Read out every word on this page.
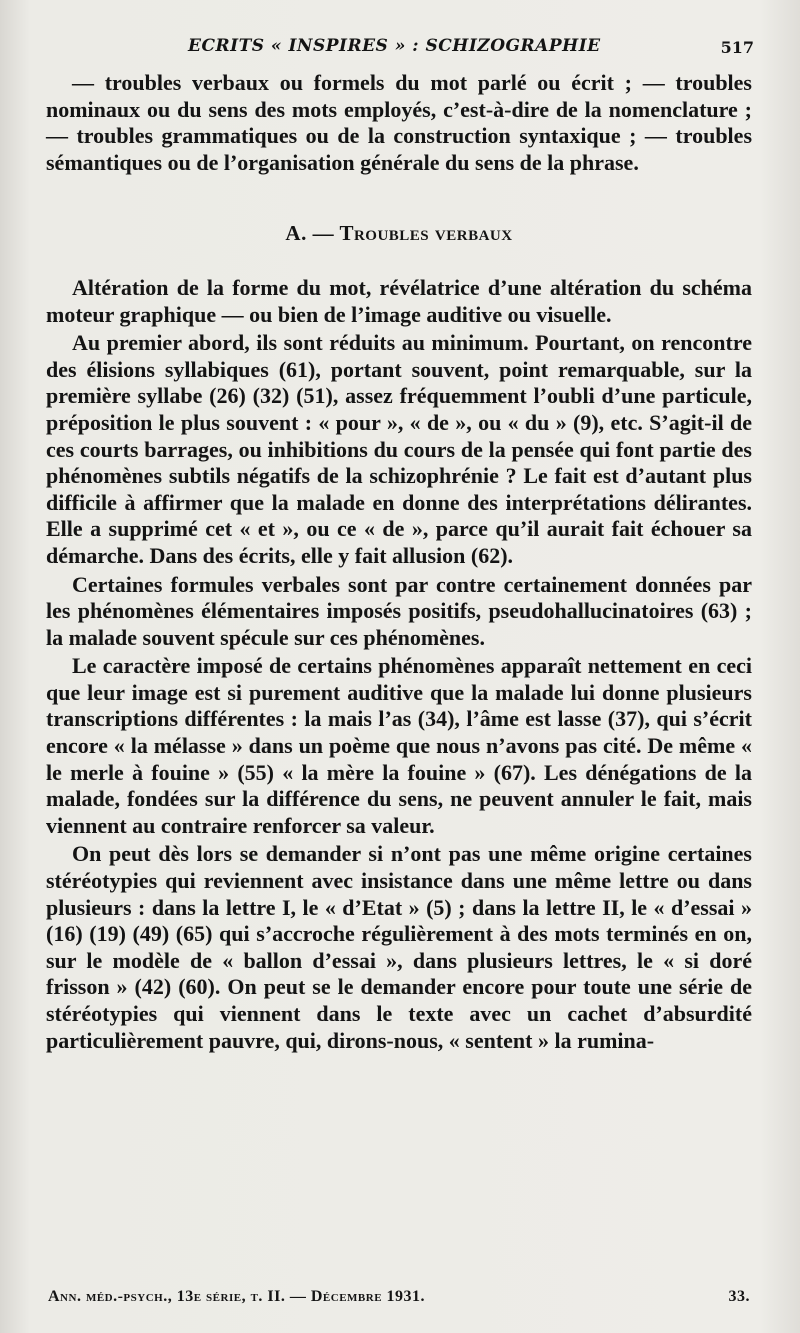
ECRITS « INSPIRES » : SCHIZOGRAPHIE	517

— troubles verbaux ou formels du mot parlé ou écrit ; — troubles nominaux ou du sens des mots employés, c’est-à-dire de la nomenclature ; — troubles grammatiques ou de la construction syntaxique ; — troubles sémantiques ou de l’organisation générale du sens de la phrase.

A. — Troubles verbaux

Altération de la forme du mot, révélatrice d’une altération du schéma moteur graphique — ou bien de l’image auditive ou visuelle.

Au premier abord, ils sont réduits au minimum. Pourtant, on rencontre des élisions syllabiques (61), portant souvent, point remarquable, sur la première syllabe (26) (32) (51), assez fréquemment l’oubli d’une particule, préposition le plus souvent : « pour », « de », ou « du » (9), etc. S’agit-il de ces courts barrages, ou inhibitions du cours de la pensée qui font partie des phénomènes subtils négatifs de la schizophrénie ? Le fait est d’autant plus difficile à affirmer que la malade en donne des interprétations délirantes. Elle a supprimé cet « et », ou ce « de », parce qu’il aurait fait échouer sa démarche. Dans des écrits, elle y fait allusion (62).

Certaines formules verbales sont par contre certainement données par les phénomènes élémentaires imposés positifs, pseudohallucinatoires (63) ; la malade souvent spécule sur ces phénomènes.

Le caractère imposé de certains phénomènes apparaît nettement en ceci que leur image est si purement auditive que la malade lui donne plusieurs transcriptions différentes : la mais l’as (34), l’âme est lasse (37), qui s’écrit encore « la mélasse » dans un poème que nous n’avons pas cité. De même « le merle à fouine » (55) « la mère la fouine » (67). Les dénégations de la malade, fondées sur la différence du sens, ne peuvent annuler le fait, mais viennent au contraire renforcer sa valeur.

On peut dès lors se demander si n’ont pas une même origine certaines stéréotypies qui reviennent avec insistance dans une même lettre ou dans plusieurs : dans la lettre I, le « d’Etat » (5) ; dans la lettre II, le « d’essai » (16) (19) (49) (65) qui s’accroche régulièrement à des mots terminés en on, sur le modèle de « ballon d’essai », dans plusieurs lettres, le « si doré frisson » (42) (60). On peut se le demander encore pour toute une série de stéréotypies qui viennent dans le texte avec un cachet d’absurdité particulièrement pauvre, qui, dirons-nous, « sentent » la rumina-

Ann. méd.-psych., 13e série, t. II. — Décembre 1931.	33.
